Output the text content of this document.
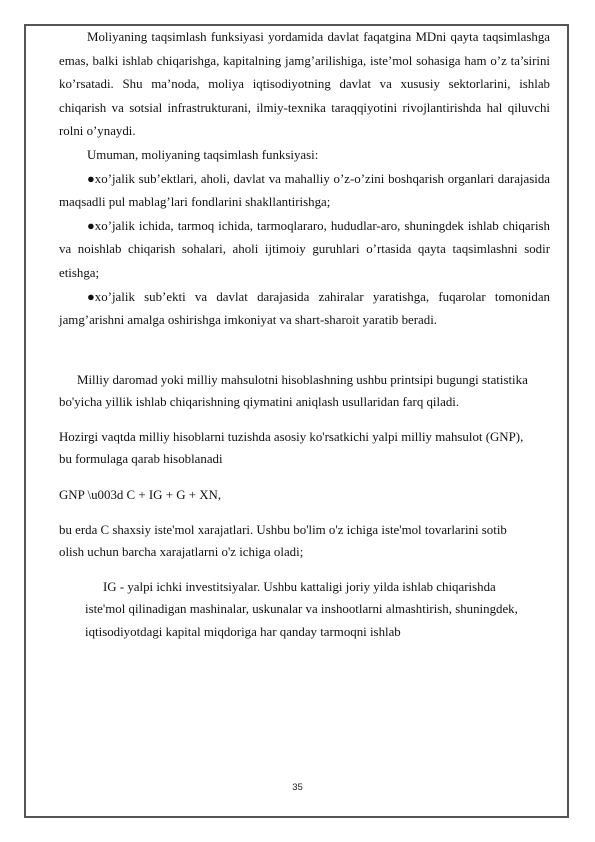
Moliyaning taqsimlash funksiyasi yordamida davlat faqatgina MDni qayta taqsimlashga emas, balki ishlab chiqarishga, kapitalning jamg’arilishiga, iste’mol sohasiga ham o’z ta’sirini ko’rsatadi. Shu ma’noda, moliya iqtisodiyotning davlat va xususiy sektorlarini, ishlab chiqarish va sotsial infrastrukturani, ilmiy-texnika taraqqiyotini rivojlantirishda hal qiluvchi rolni o’ynaydi.

Umuman, moliyaning taqsimlash funksiyasi:

●xo’jalik sub’ektlari, aholi, davlat va mahalliy o’z-o’zini boshqarish organlari darajasida maqsadli pul mablag’lari fondlarini shakllantirishga;

●xo’jalik ichida, tarmoq ichida, tarmoqlararo, hududlar-aro, shuningdek ishlab chiqarish va noishlab chiqarish sohalari, aholi ijtimoiy guruhlari o’rtasida qayta taqsimlashni sodir etishga;

●xo’jalik sub’ekti va davlat darajasida zahiralar yaratishga, fuqarolar tomonidan jamg’arishni amalga oshirishga imkoniyat va shart-sharoit yaratib beradi.

Milliy daromad yoki milliy mahsulotni hisoblashning ushbu printsipi bugungi statistika bo'yicha yillik ishlab chiqarishning qiymatini aniqlash usullaridan farq qiladi.

Hozirgi vaqtda milliy hisoblarni tuzishda asosiy ko'rsatkichi yalpi milliy mahsulot (GNP), bu formulaga qarab hisoblanadi

GNP \u003d C + IG + G + XN,

bu erda C shaxsiy iste'mol xarajatlari. Ushbu bo'lim o'z ichiga iste'mol tovarlarini sotib olish uchun barcha xarajatlarni o'z ichiga oladi;

IG - yalpi ichki investitsiyalar. Ushbu kattaligi joriy yilda ishlab chiqarishda iste'mol qilinadigan mashinalar, uskunalar va inshootlarni almashtirish, shuningdek, iqtisodiyotdagi kapital miqdoriga har qanday tarmoqni ishlab

35
